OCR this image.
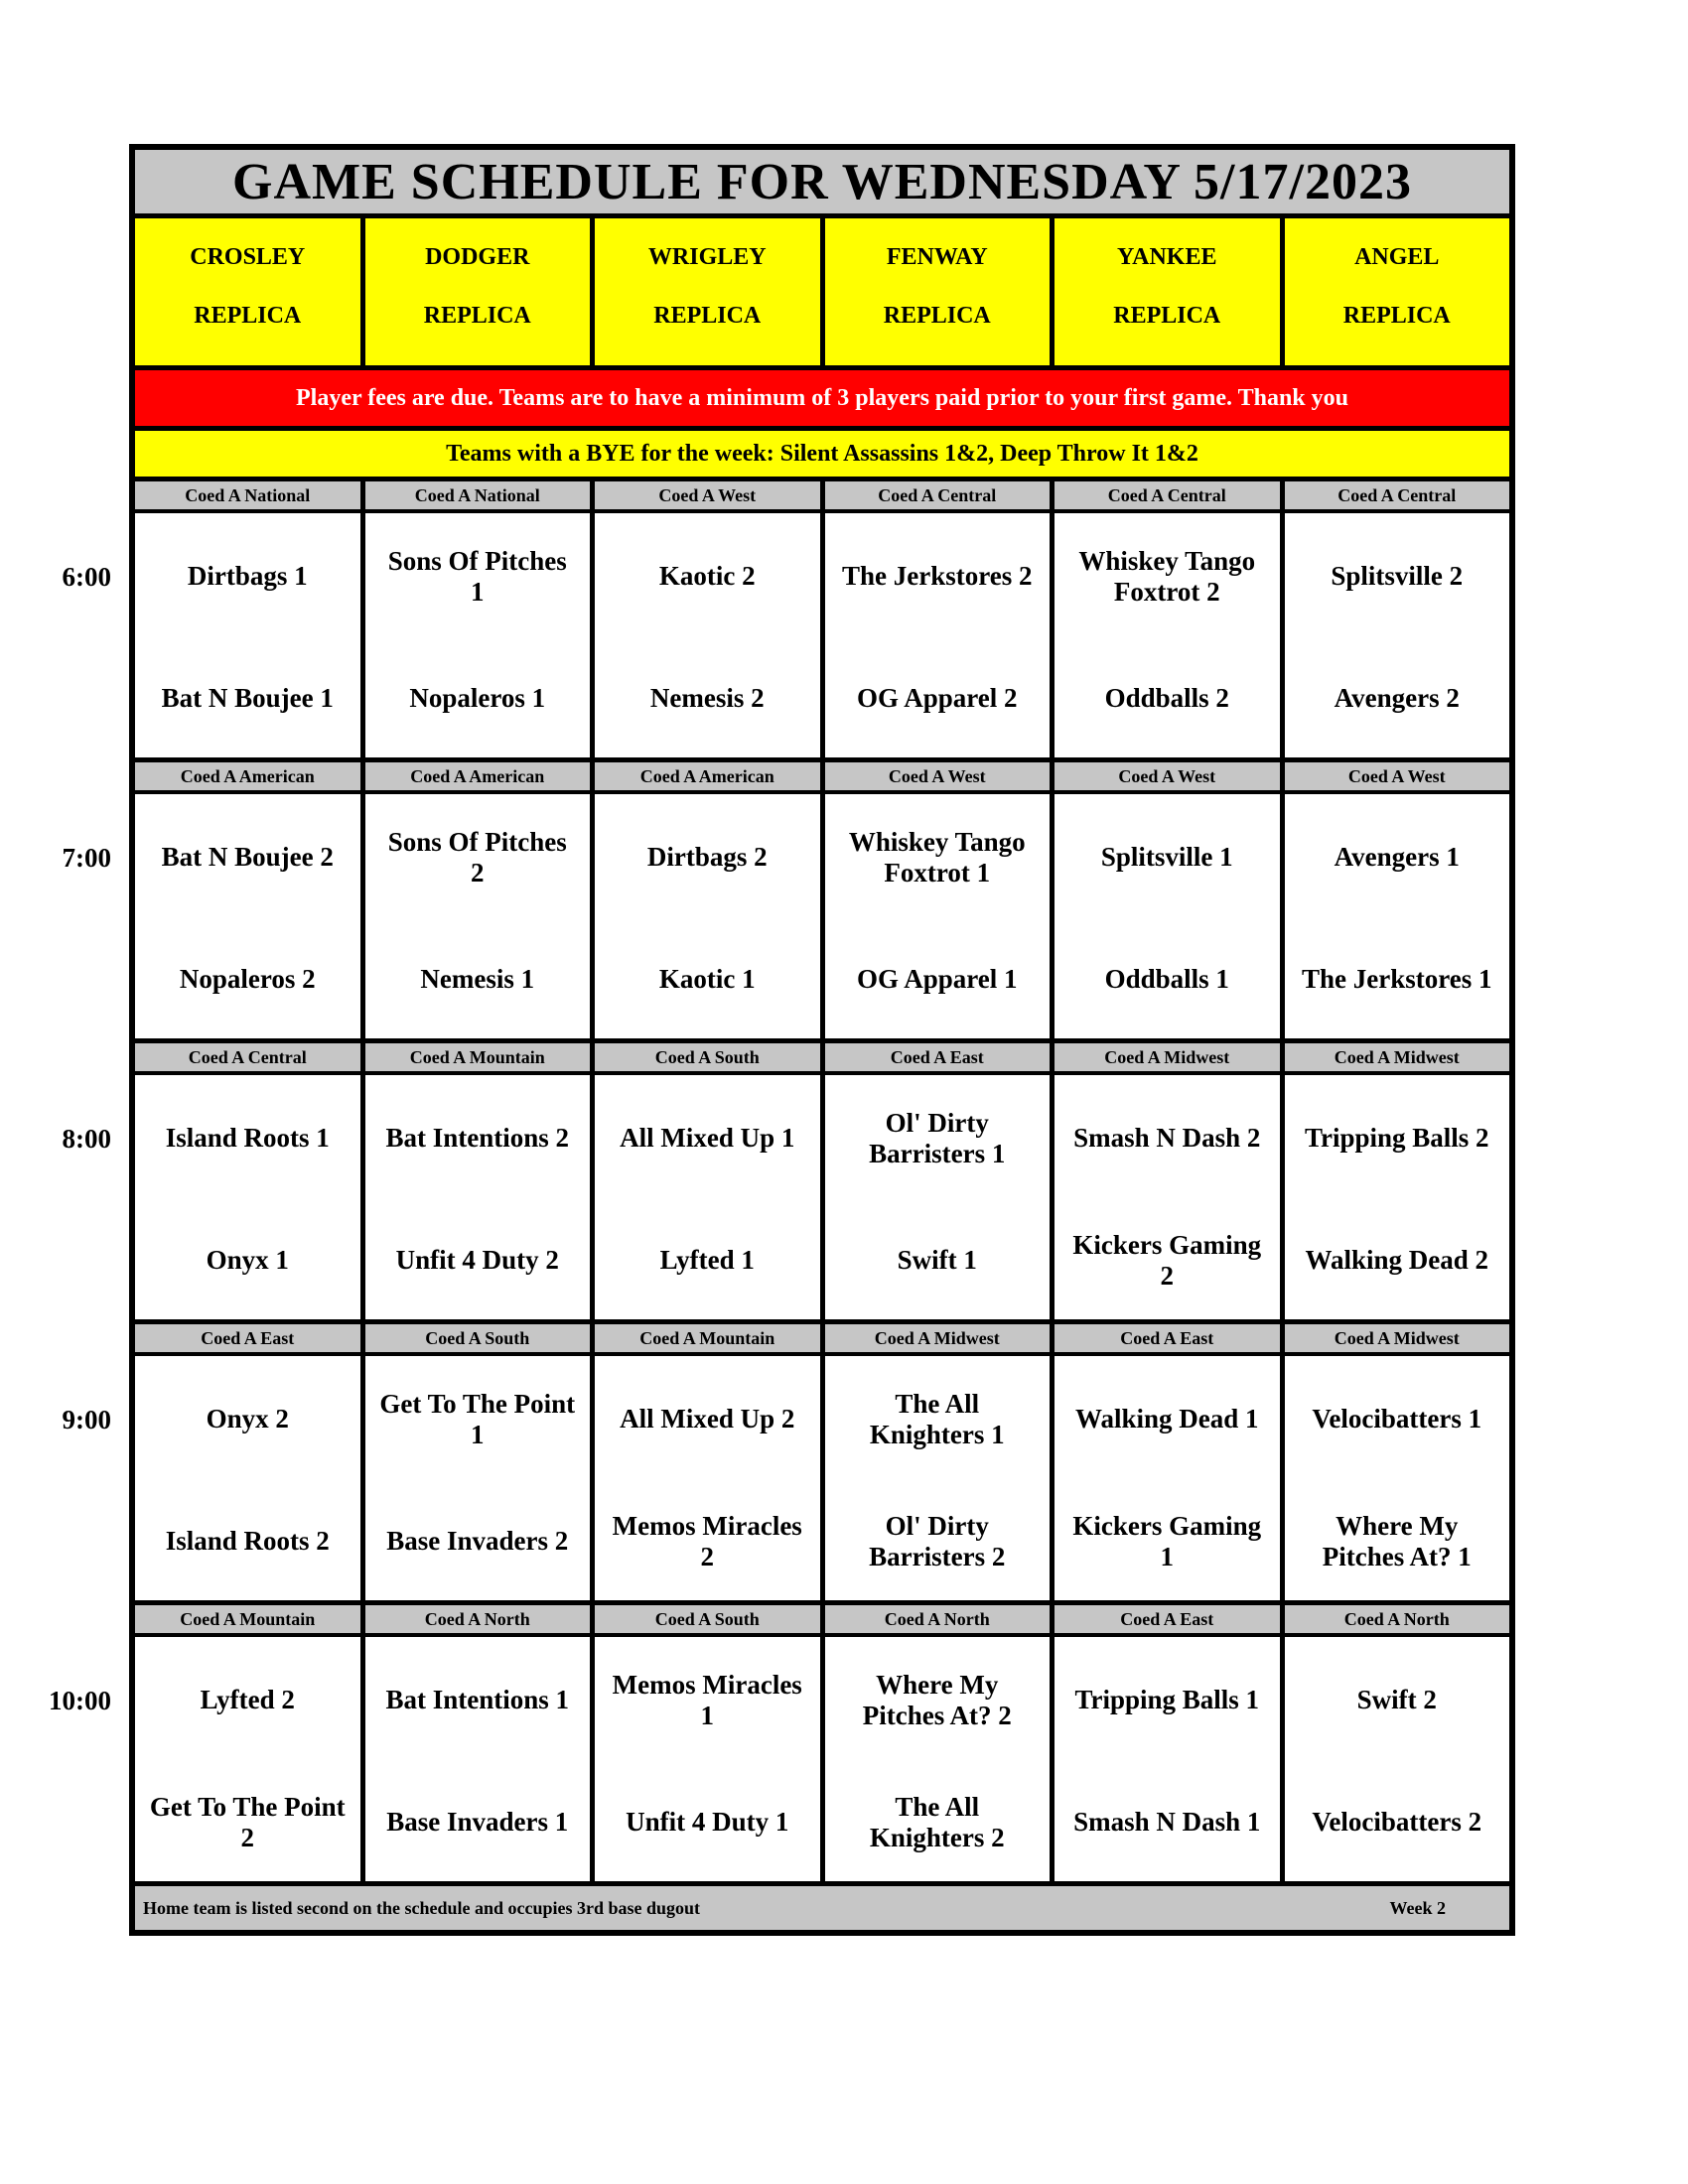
6:00
7:00
8:00
9:00
10:00
GAME SCHEDULE FOR WEDNESDAY 5/17/2023
CROSLEY
REPLICA
DODGER
REPLICA
WRIGLEY
REPLICA
FENWAY
REPLICA
YANKEE
REPLICA
ANGEL
REPLICA
Player fees are due. Teams are to have a minimum of 3 players paid prior to your first game. Thank you
Teams with a BYE for the week: Silent Assassins 1&2, Deep Throw It 1&2
Coed A National
Dirtbags 1
Bat N Boujee 1
Coed A National
Sons Of Pitches 1
Nopaleros 1
Coed A West
Kaotic 2
Nemesis 2
Coed A Central
The Jerkstores 2
OG Apparel 2
Coed A Central
Whiskey Tango Foxtrot 2
Oddballs 2
Coed A Central
Splitsville 2
Avengers 2
Coed A American
Bat N Boujee 2
Nopaleros 2
Coed A American
Sons Of Pitches 2
Nemesis 1
Coed A American
Dirtbags 2
Kaotic 1
Coed A West
Whiskey Tango Foxtrot 1
OG Apparel 1
Coed A West
Splitsville 1
Oddballs 1
Coed A West
Avengers 1
The Jerkstores 1
Coed A Central
Island Roots 1
Onyx 1
Coed A Mountain
Bat Intentions 2
Unfit 4 Duty 2
Coed A South
All Mixed Up 1
Lyfted 1
Coed A East
Ol' Dirty Barristers 1
Swift 1
Coed A Midwest
Smash N Dash 2
Kickers Gaming 2
Coed A Midwest
Tripping Balls 2
Walking Dead 2
Coed A East
Onyx 2
Island Roots 2
Coed A South
Get To The Point 1
Base Invaders 2
Coed A Mountain
All Mixed Up 2
Memos Miracles 2
Coed A Midwest
The All Knighters 1
Ol' Dirty Barristers 2
Coed A East
Walking Dead 1
Kickers Gaming 1
Coed A Midwest
Velocibatters 1
Where My Pitches At? 1
Coed A Mountain
Lyfted 2
Get To The Point 2
Coed A North
Bat Intentions 1
Base Invaders 1
Coed A South
Memos Miracles 1
Unfit 4 Duty 1
Coed A North
Where My Pitches At? 2
The All Knighters 2
Coed A East
Tripping Balls 1
Smash N Dash 1
Coed A North
Swift 2
Velocibatters 2
Home team is listed second on the schedule and occupies 3rd base dugout	Week 2
